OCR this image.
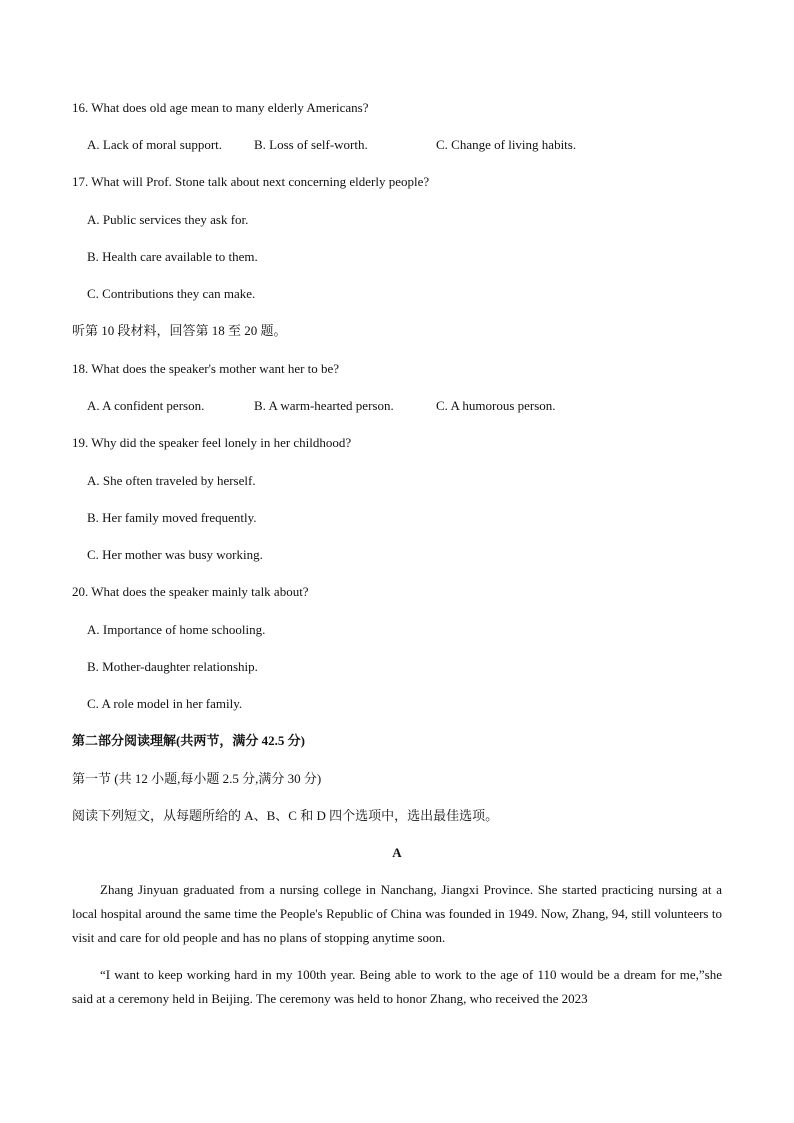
16. What does old age mean to many elderly Americans?
A. Lack of moral support. B. Loss of self-worth.	C. Change of living habits.
17. What will Prof. Stone talk about next concerning elderly people?
A. Public services they ask for.
B. Health care available to them.
C. Contributions they can make.
听第 10 段材料，回答第 18 至 20 题。
18. What does the speaker's mother want her to be?
A. A confident person.	B. A warm-hearted person.	C. A humorous person.
19. Why did the speaker feel lonely in her childhood?
A. She often traveled by herself.
B. Her family moved frequently.
C. Her mother was busy working.
20. What does the speaker mainly talk about?
A. Importance of home schooling.
B. Mother-daughter relationship.
C. A role model in her family.
第二部分阅读理解(共两节，满分 42.5 分)
第一节 (共 12 小题,每小题 2.5 分,满分 30 分)
阅读下列短文，从每题所给的 A、B、C 和 D 四个选项中，选出最佳选项。
A
Zhang Jinyuan graduated from a nursing college in Nanchang, Jiangxi Province. She started practicing nursing at a local hospital around the same time the People's Republic of China was founded in 1949. Now, Zhang, 94, still volunteers to visit and care for old people and has no plans of stopping anytime soon.
“I want to keep working hard in my 100th year. Being able to work to the age of 110 would be a dream for me,”she said at a ceremony held in Beijing. The ceremony was held to honor Zhang, who received the 2023
